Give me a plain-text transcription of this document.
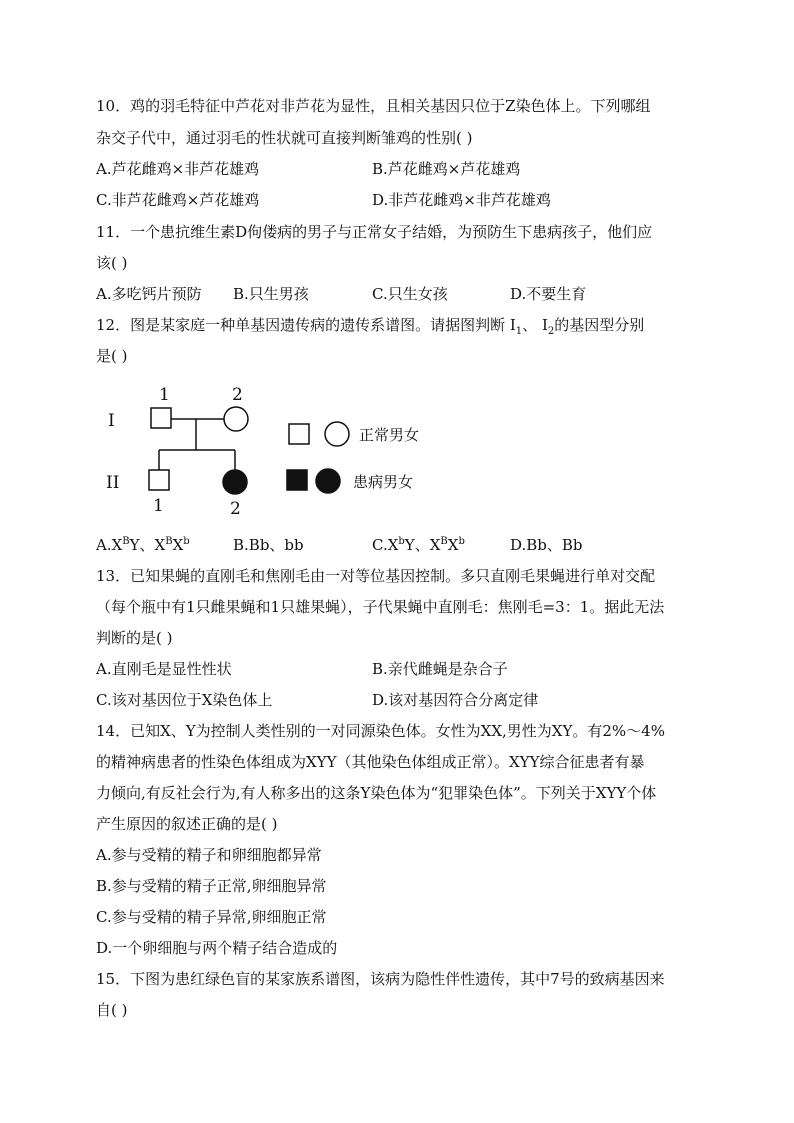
10．鸡的羽毛特征中芦花对非芦花为显性，且相关基因只位于Z染色体上。下列哪组
杂交子代中，通过羽毛的性状就可直接判断雏鸡的性别( )
A.芦花雌鸡×非芦花雄鸡	B.芦花雌鸡×芦花雄鸡
C.非芦花雌鸡×芦花雄鸡	D.非芦花雌鸡×非芦花雄鸡
11．一个患抗维生素D佝偻病的男子与正常女子结婚，为预防生下患病孩子，他们应
该( )
A.多吃钙片预防 B.只生男孩	C.只生女孩	D.不要生育
12．图是某家庭一种单基因遗传病的遗传系谱图。请据图判断 $Ⅰ_1$、 $Ⅰ_2$的基因型分别
是( )
I
II
1	2
1	2
正常男女
患病男女
$A.X^BY$、$X^BX^b$	B.Bb、bb	$C.X^bY$、$X^BX^b$	D.Bb、Bb
13．已知果蝇的直刚毛和焦刚毛由一对等位基因控制。多只直刚毛果蝇进行单对交配
（每个瓶中有1只雌果蝇和1只雄果蝇），子代果蝇中直刚毛：焦刚毛=3：1。据此无法
判断的是( )
A.直刚毛是显性性状	B.亲代雌蝇是杂合子
C.该对基因位于X染色体上	D.该对基因符合分离定律
14．已知X、Y为控制人类性别的一对同源染色体。女性为XX,男性为XY。有2%～4%
的精神病患者的性染色体组成为XYY（其他染色体组成正常）。XYY综合征患者有暴
力倾向,有反社会行为,有人称多出的这条Y染色体为“犯罪染色体”。下列关于XYY个体
产生原因的叙述正确的是( )
A.参与受精的精子和卵细胞都异常
B.参与受精的精子正常,卵细胞异常
C.参与受精的精子异常,卵细胞正常
D.一个卵细胞与两个精子结合造成的
15．下图为患红绿色盲的某家族系谱图，该病为隐性伴性遗传，其中7号的致病基因来
自( )
